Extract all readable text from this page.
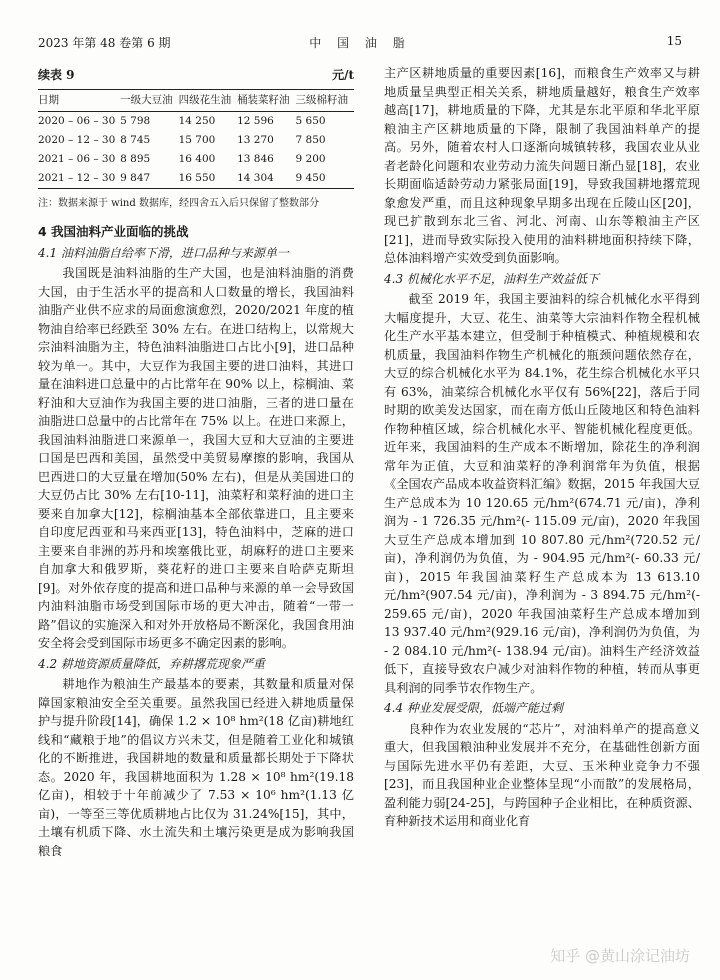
2023 年第 48 卷第 6 期	中 国 油 脂	15
续表 9	元/t
日期	一级大豆油	四级花生油	桶装菜籽油	三级棉籽油
2020 – 06 – 30	5 798	14 250	12 596	5 650
2020 – 12 – 30	8 745	15 700	13 270	7 850
2021 – 06 – 30	8 895	16 400	13 846	9 200
2021 – 12 – 30	9 847	16 550	14 304	9 450
注：数据来源于 wind 数据库，经四舍五入后只保留了整数部分
4 我国油料产业面临的挑战
4.1 油料油脂自给率下滑，进口品种与来源单一

我国既是油料油脂的生产大国，也是油料油脂的消费大国，由于生活水平的提高和人口数量的增长，我国油料油脂产业供不应求的局面愈演愈烈，2020/2021 年度的植物油自给率已经跌至 30% 左右。在进口结构上，以常规大宗油料油脂为主，特色油料油脂进口占比小[9]，进口品种较为单一。其中，大豆作为我国主要的进口油料，其进口量在油料进口总量中的占比常年在 90% 以上，棕榈油、菜籽油和大豆油作为我国主要的进口油脂，三者的进口量在油脂进口总量中的占比常年在 75% 以上。在进口来源上，我国油料油脂进口来源单一，我国大豆和大豆油的主要进口国是巴西和美国，虽然受中美贸易摩擦的影响，我国从巴西进口的大豆量在增加(50% 左右)，但是从美国进口的大豆仍占比 30% 左右[10-11]，油菜籽和菜籽油的进口主要来自加拿大[12]，棕榈油基本全部依靠进口，且主要来自印度尼西亚和马来西亚[13]，特色油料中，芝麻的进口主要来自非洲的苏丹和埃塞俄比亚，胡麻籽的进口主要来自加拿大和俄罗斯，葵花籽的进口主要来自哈萨克斯坦[9]。对外依存度的提高和进口品种与来源的单一会导致国内油料油脂市场受到国际市场的更大冲击，随着“一带一路”倡议的实施深入和对外开放格局不断深化，我国食用油安全将会受到国际市场更多不确定因素的影响。

4.2 耕地资源质量降低，弃耕撂荒现象严重

耕地作为粮油生产最基本的要素，其数量和质量对保障国家粮油安全至关重要。虽然我国已经进入耕地质量保护与提升阶段[14]，确保 1.2 × 10⁸ hm²(18 亿亩)耕地红线和“藏粮于地”的倡议方兴未艾，但是随着工业化和城镇化的不断推进，我国耕地的数量和质量都长期处于下降状态。2020 年，我国耕地面积为 1.28 × 10⁸ hm²(19.18 亿亩)，相较于十年前减少了 7.53 × 10⁶ hm²(1.13 亿亩)，一等至三等优质耕地占比仅为 31.24%[15]，其中，土壤有机质下降、水土流失和土壤污染更是成为影响我国粮食

主产区耕地质量的重要因素[16]，而粮食生产效率又与耕地质量呈典型正相关关系，耕地质量越好，粮食生产效率越高[17]，耕地质量的下降，尤其是东北平原和华北平原粮油主产区耕地质量的下降，限制了我国油料单产的提高。另外，随着农村人口逐渐向城镇转移，我国农业从业者老龄化问题和农业劳动力流失问题日渐凸显[18]，农业长期面临适龄劳动力紧张局面[19]，导致我国耕地撂荒现象愈发严重，而且这种现象早期多出现在丘陵山区[20]，现已扩散到东北三省、河北、河南、山东等粮油主产区[21]，进而导致实际投入使用的油料耕地面积持续下降，总体油料增产实效受到负面影响。

4.3 机械化水平不足，油料生产效益低下

截至 2019 年，我国主要油料的综合机械化水平得到大幅度提升，大豆、花生、油菜等大宗油料作物全程机械化生产水平基本建立，但受制于种植模式、种植规模和农机质量，我国油料作物生产机械化的瓶颈问题依然存在，大豆的综合机械化水平为 84.1%，花生综合机械化水平只有 63%，油菜综合机械化水平仅有 56%[22]，落后于同时期的欧美发达国家，而在南方低山丘陵地区和特色油料作物种植区域，综合机械化水平、智能机械化程度更低。近年来，我国油料的生产成本不断增加，除花生的净利润常年为正值，大豆和油菜籽的净利润常年为负值，根据《全国农产品成本收益资料汇编》数据，2015 年我国大豆生产总成本为 10 120.65 元/hm²(674.71 元/亩)，净利润为 - 1 726.35 元/hm²(- 115.09 元/亩)，2020 年我国大豆生产总成本增加到 10 807.80 元/hm²(720.52 元/亩)，净利润仍为负值，为 - 904.95 元/hm²(- 60.33 元/亩)，2015 年我国油菜籽生产总成本为 13 613.10 元/hm²(907.54 元/亩)，净利润为 - 3 894.75 元/hm²(- 259.65 元/亩)，2020 年我国油菜籽生产总成本增加到 13 937.40 元/hm²(929.16 元/亩)，净利润仍为负值，为 - 2 084.10 元/hm²(- 138.94 元/亩)。油料生产经济效益低下，直接导致农户减少对油料作物的种植，转而从事更具利润的同季节农作物生产。

4.4 种业发展受限，低端产能过剩

良种作为农业发展的“芯片”，对油料单产的提高意义重大，但我国粮油种业发展并不充分，在基础性创新方面与国际先进水平仍有差距，大豆、玉米种业竞争力不强[23]，而且我国种业企业整体呈现“小而散”的发展格局，盈利能力弱[24-25]，与跨国种子企业相比，在种质资源、育种新技术运用和商业化育

知乎 @黄山涂记油坊
